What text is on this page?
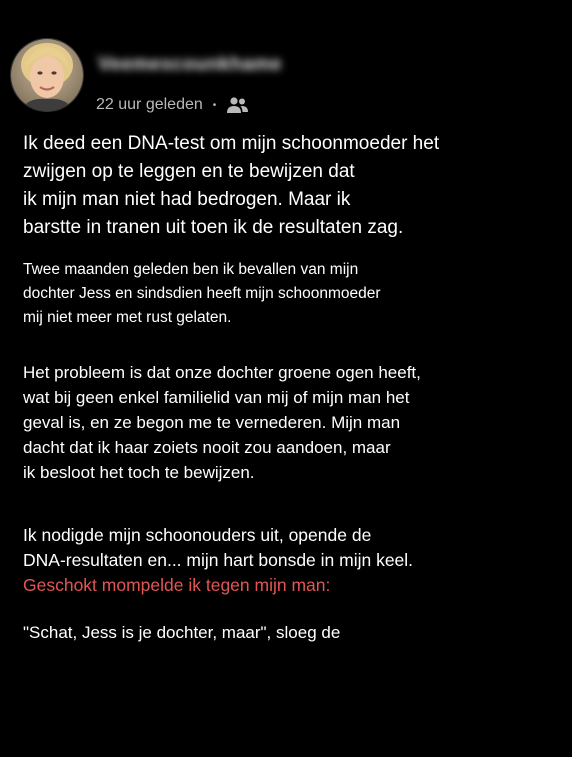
Veemescounkhame
22 uur geleden •

Ik deed een DNA-test om mijn schoonmoeder het
zwijgen op te leggen en te bewijzen dat
ik mijn man niet had bedrogen. Maar ik
barstte in tranen uit toen ik de resultaten zag.

Twee maanden geleden ben ik bevallen van mijn
dochter Jess en sindsdien heeft mijn schoonmoeder
mij niet meer met rust gelaten.

Het probleem is dat onze dochter groene ogen heeft,
wat bij geen enkel familielid van mij of mijn man het
geval is, en ze begon me te vernederen. Mijn man
dacht dat ik haar zoiets nooit zou aandoen, maar
ik besloot het toch te bewijzen.

Ik nodigde mijn schoonouders uit, opende de
DNA-resultaten en... mijn hart bonsde in mijn keel.
Geschokt mompelde ik tegen mijn man:

"Schat, Jess is je dochter, maar", sloeg de
